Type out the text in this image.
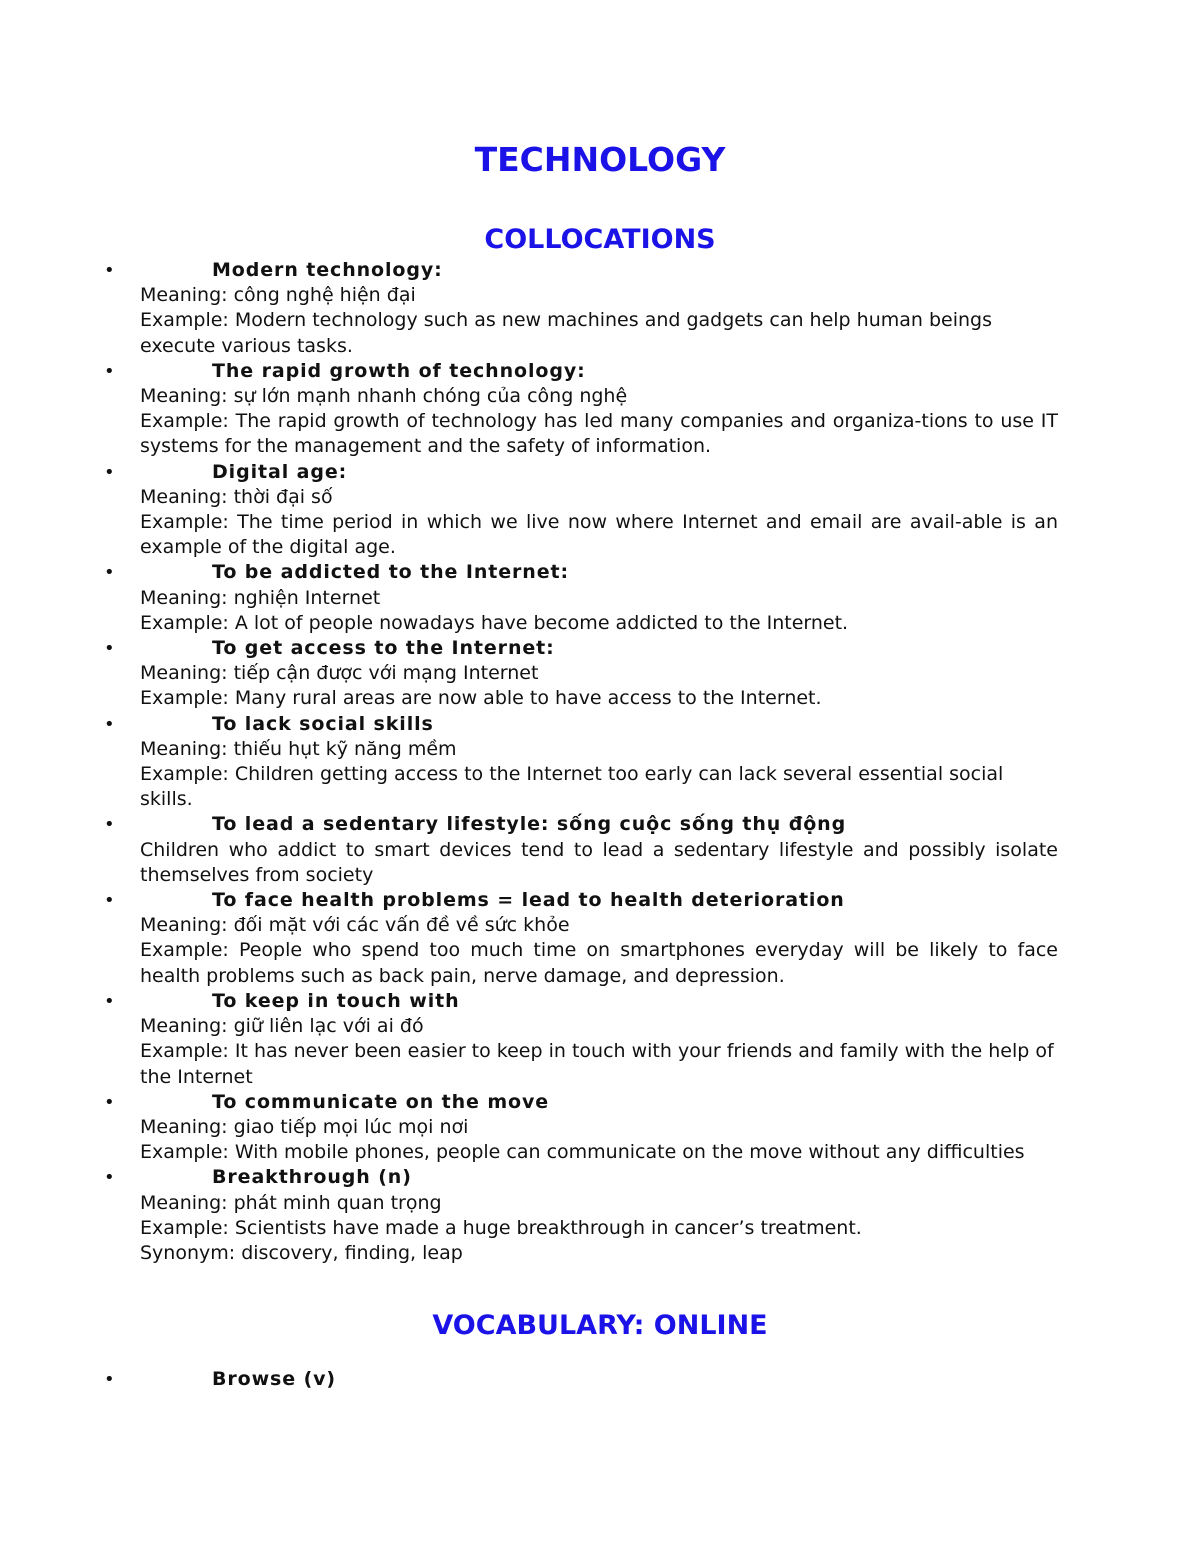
TECHNOLOGY
COLLOCATIONS
•	Modern technology:
Meaning: công nghệ hiện đại
Example: Modern technology such as new machines and gadgets can help human beings execute various tasks.
•	The rapid growth of technology:
Meaning: sự lớn mạnh nhanh chóng của công nghệ
Example: The rapid growth of technology has led many companies and organiza-tions to use IT systems for the management and the safety of information.
•	Digital age:
Meaning: thời đại số
Example: The time period in which we live now where Internet and email are avail-able is an example of the digital age.
•	To be addicted to the Internet:
Meaning: nghiện Internet
Example: A lot of people nowadays have become addicted to the Internet.
•	To get access to the Internet:
Meaning: tiếp cận được với mạng Internet
Example: Many rural areas are now able to have access to the Internet.
•	To lack social skills
Meaning: thiếu hụt kỹ năng mềm
Example: Children getting access to the Internet too early can lack several essential social skills.
•	To lead a sedentary lifestyle: sống cuộc sống thụ động
Children who addict to smart devices tend to lead a sedentary lifestyle and possibly isolate themselves from society
•	To face health problems = lead to health deterioration
Meaning: đối mặt với các vấn đề về sức khỏe
Example: People who spend too much time on smartphones everyday will be likely to face health problems such as back pain, nerve damage, and depression.
•	To keep in touch with
Meaning: giữ liên lạc với ai đó
Example: It has never been easier to keep in touch with your friends and family with the help of the Internet
•	To communicate on the move
Meaning: giao tiếp mọi lúc mọi nơi
Example: With mobile phones, people can communicate on the move without any difficulties
•	Breakthrough (n)
Meaning: phát minh quan trọng
Example: Scientists have made a huge breakthrough in cancer’s treatment.
Synonym: discovery, finding, leap
VOCABULARY: ONLINE
•	Browse (v)
